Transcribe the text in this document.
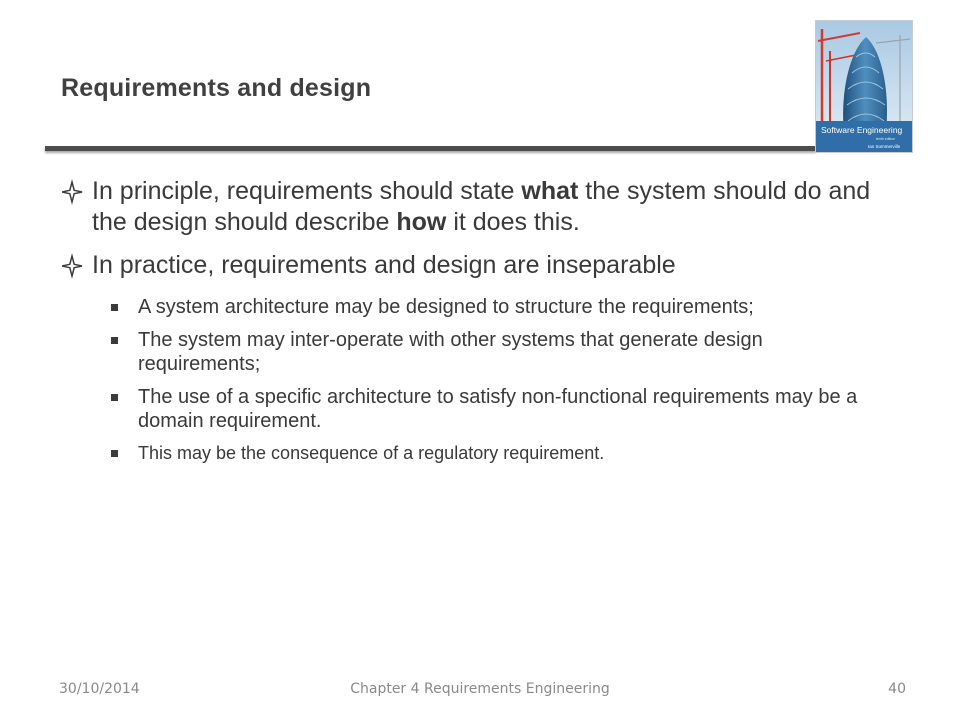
Requirements and design
Software Engineering
tenth edition
Ian Sommerville
In principle, requirements should state what the system should do and the design should describe how it does this.
In practice, requirements and design are inseparable
A system architecture may be designed to structure the requirements;
The system may inter-operate with other systems that generate design requirements;
The use of a specific architecture to satisfy non-functional requirements may be a domain requirement.
This may be the consequence of a regulatory requirement.
30/10/2014	Chapter 4 Requirements Engineering	40
